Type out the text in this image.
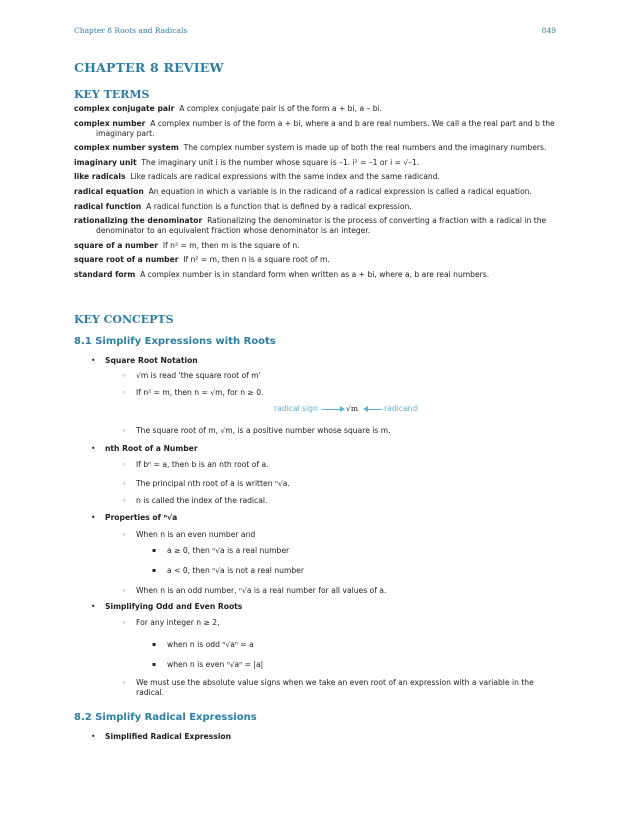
Chapter 8 Roots and Radicals	849
CHAPTER 8 REVIEW
KEY TERMS
complex conjugate pair A complex conjugate pair is of the form a + bi, a – bi.
complex number A complex number is of the form a + bi, where a and b are real numbers. We call a the real part and b the imaginary part.
complex number system The complex number system is made up of both the real numbers and the imaginary numbers.
imaginary unit The imaginary unit i is the number whose square is –1. i² = –1 or i = √–1.
like radicals Like radicals are radical expressions with the same index and the same radicand.
radical equation An equation in which a variable is in the radicand of a radical expression is called a radical equation.
radical function A radical function is a function that is defined by a radical expression.
rationalizing the denominator Rationalizing the denominator is the process of converting a fraction with a radical in the denominator to an equivalent fraction whose denominator is an integer.
square of a number If n² = m, then m is the square of n.
square root of a number If n² = m, then n is a square root of m.
standard form A complex number is in standard form when written as a + bi, where a, b are real numbers.
KEY CONCEPTS
8.1 Simplify Expressions with Roots
• Square Root Notation
◦ √m is read 'the square root of m'
◦ If n² = m, then n = √m, for n ≥ 0.
radical sign	√m	radicand
◦ The square root of m, √m, is a positive number whose square is m.
• nth Root of a Number
◦ If bⁿ = a, then b is an nth root of a.
◦ The principal nth root of a is written ⁿ√a.
◦ n is called the index of the radical.
• Properties of ⁿ√a
◦ When n is an even number and
▪ a ≥ 0, then ⁿ√a is a real number
▪ a < 0, then ⁿ√a is not a real number
◦ When n is an odd number, ⁿ√a is a real number for all values of a.
• Simplifying Odd and Even Roots
◦ For any integer n ≥ 2,
▪ when n is odd ⁿ√aⁿ = a
▪ when n is even ⁿ√aⁿ = |a|
◦ We must use the absolute value signs when we take an even root of an expression with a variable in the radical.
8.2 Simplify Radical Expressions
• Simplified Radical Expression
